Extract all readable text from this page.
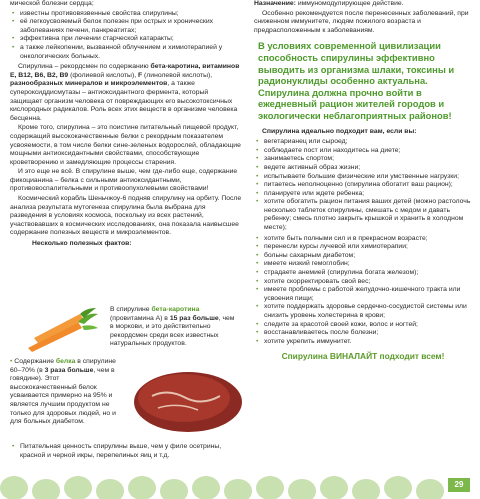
мической болезни сердца;

• известны противовязвенные свойства спирулины;
• её легкоусвояемый белок полезен при острых и хронических заболеваниях печени, панкреатитах;
• эффективна при лечении старческой катаракты;
• а также лейкопении, вызванной облучением и химиотерапией у онкологических больных.

Спирулина – рекордсмен по содержанию бета-каротина, витаминов Е, B12, B6, B2, B9 (фолиевой кислоты), F (линолевой кислоты), разнообразных минералов и микроэлементов, а также супероксиддисмутазы – антиоксидантного фермента, который защищает организм человека от повреждающих его высокотоксичных кислородных радикалов. Роль всех этих веществ в организме человека бесценна.

Кроме того, спирулина – это поистине питательный пищевой продукт, содержащий высококачественные белки с рекордным показателем усвояемости, в том числе белки сине-зеленых водорослей, обладающие мощными антиоксидантными свойствами, способствующие кроветворению и замедляющие процессы старения.

И это еще не всё. В спирулине выше, чем где-либо еще, содержание фикоцианина – белка с сильными антиоксидантными, противовоспалительными и противоопухолевыми свойствами!

Космический корабль Шеньчжоу-6 подняв спирулину на орбиту. После анализа результата мутогенеза спирулина была выбрана для разведения в условиях космоса, поскольку из всех растений, участвовавших в космических исследованиях, она показала наивысшее содержание полезных веществ и микроэлементов.

Несколько полезных фактов:
В спирулине бета-каротина (провитамина А) в 15 раз больше, чем в моркови, и это действительно рекордсмен среди всех известных натуральных продуктов.
• Содержание белка в спирулине 60–70% (в 3 раза больше, чем в говядине). Этот высококачественный белок усваивается примерно на 95% и является лучшим продуктом не только для здоровых людей, но и для больных диабетом.
• Питательная ценность спирулины выше, чем у филе осетрины, красной и черной икры, перепелиных яиц и т.д.

Назначение: иммуномодулирующее действие.

Особенно рекомендуется после перенесенных заболеваний, при сниженном иммунитете, людям пожилого возраста и предрасположенным к заболеваниям.

В условиях современной цивилизации способность спирулины эффективно выводить из организма шлаки, токсины и радионуклиды особенно актуальна. Спирулина должна прочно войти в ежедневный рацион жителей городов и экологически неблагоприятных районов!
Спирулина идеально подходит вам, если вы:
• вегетарианец или сыроед;
• соблюдаете пост или находитесь на диете;
• занимаетесь спортом;
• ведете активный образ жизни;
• испытываете большие физические или умственные нагрузки;
• питаетесь неполноценно (спирулина обогатит ваш рацион);
• планируете или ждете ребенка;
• хотите обогатить рацион питания ваших детей (можно растолочь несколько таблеток спирулины, смешать с медом и давать ребенку; смесь плотно закрыть крышкой и хранить в холодном месте);
• хотите быть полными сил и в прекрасном возрасте;
• перенесли курсы лучевой или химиотерапии;
• больны сахарным диабетом;
• имеете низкий гемоглобин;
• страдаете анемией (спирулина богата железом);
• хотите скорректировать свой вес;
• имеете проблемы с работой желудочно-кишечного тракта или усвоения пищи;
• хотите поддержать здоровье сердечно-сосудистой системы или снизить уровень холестерина в крови;
• следите за красотой своей кожи, волос и ногтей;
• восстанавливаетесь после болезни;
• хотите укрепить иммунитет.
Спирулина ВИНАЛАЙТ подходит всем!
29
